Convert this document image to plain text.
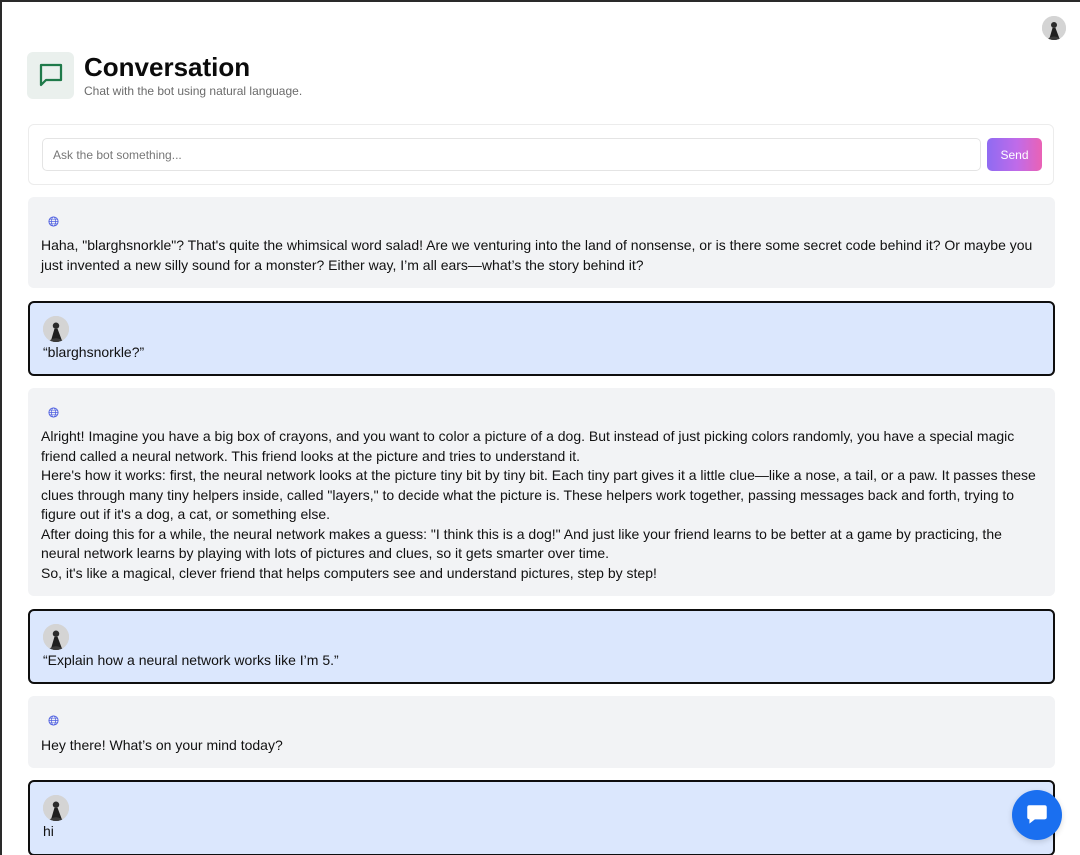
Conversation
Chat with the bot using natural language.
Ask the bot something...
Send
Haha, "blarghsnorkle"? That's quite the whimsical word salad! Are we venturing into the land of nonsense, or is there some secret code behind it? Or maybe you just invented a new silly sound for a monster? Either way, I’m all ears—what’s the story behind it?
“blarghsnorkle?”
Alright! Imagine you have a big box of crayons, and you want to color a picture of a dog. But instead of just picking colors randomly, you have a special magic friend called a neural network. This friend looks at the picture and tries to understand it.
Here's how it works: first, the neural network looks at the picture tiny bit by tiny bit. Each tiny part gives it a little clue—like a nose, a tail, or a paw. It passes these clues through many tiny helpers inside, called "layers," to decide what the picture is. These helpers work together, passing messages back and forth, trying to figure out if it's a dog, a cat, or something else.
After doing this for a while, the neural network makes a guess: "I think this is a dog!" And just like your friend learns to be better at a game by practicing, the neural network learns by playing with lots of pictures and clues, so it gets smarter over time.
So, it's like a magical, clever friend that helps computers see and understand pictures, step by step!
“Explain how a neural network works like I’m 5.”
Hey there! What’s on your mind today?
hi
